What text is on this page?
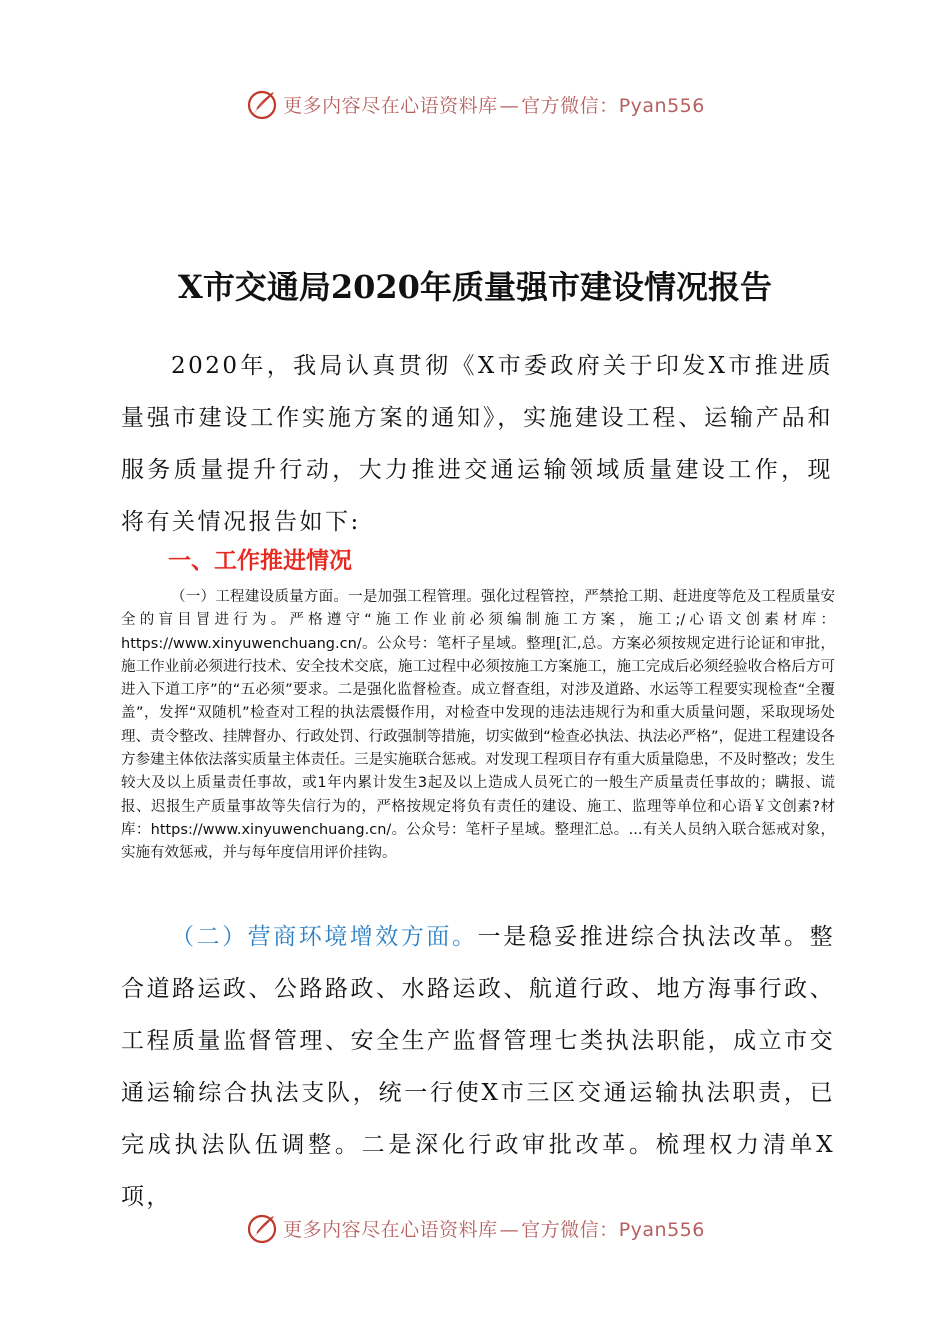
更多内容尽在心语资料库 — 官方微信：Pyan556
X市交通局2020年质量强市建设情况报告

2020年，我局认真贯彻《X市委政府关于印发X市推进质量强市建设工作实施方案的通知》，实施建设工程、运输产品和服务质量提升行动，大力推进交通运输领域质量建设工作，现将有关情况报告如下:

一、工作推进情况

（一）工程建设质量方面。一是加强工程管理。强化过程管控，严禁抢工期、赶进度等危及工程质量安全的盲目冒进行为。严格遵守“施工作业前必须编制施工方案，施工;/心语文创素材库：https://www.xinyuwenchuang.cn/。公众号：笔杆子星域。整理[汇,总。方案必须按规定进行论证和审批，施工作业前必须进行技术、安全技术交底，施工过程中必须按施工方案施工，施工完成后必须经验收合格后方可进入下道工序”的“五必须”要求。二是强化监督检查。成立督查组，对涉及道路、水运等工程要实现检查“全覆盖”，发挥“双随机”检查对工程的执法震慑作用，对检查中发现的违法违规行为和重大质量问题，采取现场处理、责令整改、挂牌督办、行政处罚、行政强制等措施，切实做到“检查必执法、执法必严格”，促进工程建设各方参建主体依法落实质量主体责任。三是实施联合惩戒。对发现工程项目存有重大质量隐患，不及时整改；发生较大及以上质量责任事故，或1年内累计发生3起及以上造成人员死亡的一般生产质量责任事故的；瞒报、谎报、迟报生产质量事故等失信行为的，严格按规定将负有责任的建设、施工、监理等单位和心语￥文创素?材库：https://www.xinyuwenchuang.cn/。公众号：笔杆子星域。整理汇总。...有关人员纳入联合惩戒对象，实施有效惩戒，并与每年度信用评价挂钩。

（二）营商环境增效方面。一是稳妥推进综合执法改革。整合道路运政、公路路政、水路运政、航道行政、地方海事行政、工程质量监督管理、安全生产监督管理七类执法职能，成立市交通运输综合执法支队，统一行使X市三区交通运输执法职责，已完成执法队伍调整。二是深化行政审批改革。梳理权力清单X项，

更多内容尽在心语资料库 — 官方微信：Pyan556
